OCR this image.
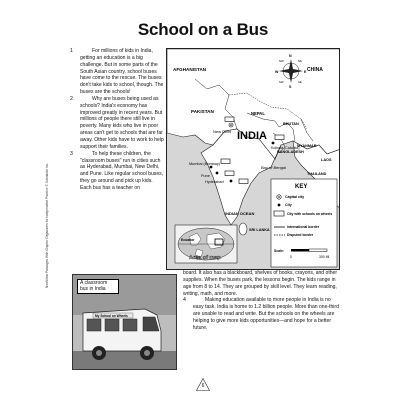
School on a Bus
1	For millions of kids in India, getting an education is a big challenge. But in some parts of the South Asian country, school buses have come to the rescue. The buses don't take kids to school, though. The buses are the schools!
2	Why are buses being used as schools? India's economy has improved greatly in recent years. But millions of people there still live in poverty. Many kids who live in poor areas can't get to schools that are far away. Other kids have to work to help support their families.
3	To help these children, the "classroom buses" run in cities such as Hyderabad, Mumbai, New Delhi, and Pune. Like regular school buses, they go around and pick up kids. Each bus has a teacher on
AFGHANISTAN	CHINA
PAKISTAN	NEPAL
INDIA
BHUTAN
BANGLADESH
MYANMAR
LAOS
THAILAND
SRI LANKA
New Delhi
Kolkata (Calcutta)
Mumbai (Bombay)
Pune
Hyderabad
Bay of Bengal
INDIAN OCEAN
Ecuador
Area of map
N
S
E
W
NE
NW
SE
SW
KEY
Capital city
City
City with schools on wheels
International border
Disputed border
Scale:
0	300 MI
My School on Wheels
A classroom bus in India

board. It also has a blackboard, shelves of books, crayons, and other supplies. When the buses park, the lessons begin. The kids range in age from 8 to 14. They are grouped by skill level. They learn reading, writing, math, and more.

4	Making education available to more people in India is no easy task. India is home to 1.2 billion people. More than one-third are unable to read and write. But the schools on the wheels are helping to give more kids opportunities—and hope for a better future.
6
Nonfiction Passages With Graphic Organizers for Independent Practice © Scholastic Inc.
